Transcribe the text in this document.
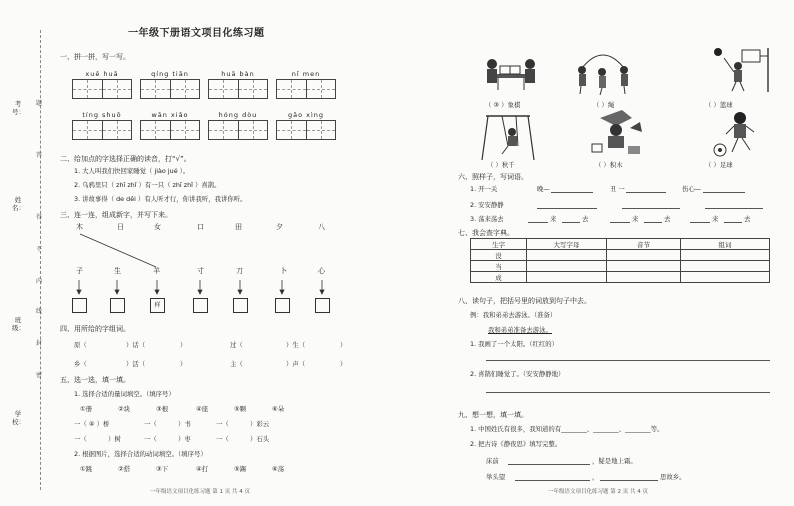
考号：
姓名：
班级：
学校：
题
答
得
不
内
线
封
密
一年级下册语文项目化练习题
一、拼一拼，写一写。
xuě huā	qíng tiān	huā bàn	nǐ men
tíng shuō	wān xiǎo	hóng dòu	gāo xìng
二、给加点的字选择正确的读音，打“√”。
1. 大人叫我们快回家睡觉（ jiào jué ）。
2. 乌鸦里只（ zhī zhǐ ）有一只（ zhī zhǐ ）喜鹊。
3. 讲故事得（ de děi ）有人听才行，你讲我听，我讲你听。
三、连一连，组成新字，并写下来。
木	日	女	口	田	夕	八
子	生	羊	寸	刀	卜	心
样
四、用所给的字组词。
原（	）话（	）	过（	）生（	）
乡（	）活（	）	主（	）声（	）
五、选一选，填一填。
1. 选择合适的量词填空。（填序号）
①册	②块	③根	④座	⑤颗	⑥朵
一（ ④ ）桥	一（	）书	一（	）彩云
一（	）树	一（	）枣	一（	）石头
2. 根据图片，选择合适的动词填空。（填序号）
①跳	②搭	③下	④打	⑤踢	⑥荡
一年级语文项目化练习题 第 1 页 共 4 页
（ ③ ）象棋	（ ）绳	（ ）篮球
（ ）秋千	（ ）积木	（ ）足球
六、照样子，写词语。
1. 开一关	晚—	丑 一	伤心—
2. 安安静静
3. 荡来荡去	来	去	来	去	来	去
七、我会查字典。
生字	大写字母	音节	组词
没			
当			
成			
八、读句子，把括号里的词放到句子中去。
例：我和弟弟去游泳。（准备）
我和弟弟准备去游泳。
1. 我画了一个太阳。（红红的）
2. 喜鹊们睡觉了。（安安静静地）
九、想一想，填一填。
1. 中国姓氏有很多，我知道的有________、________、________等。
2. 把古诗《静夜思》填写完整。
床前	，疑是地上霜。
举头望	，	思故乡。
一年级语文项目化练习题 第 2 页 共 4 页
